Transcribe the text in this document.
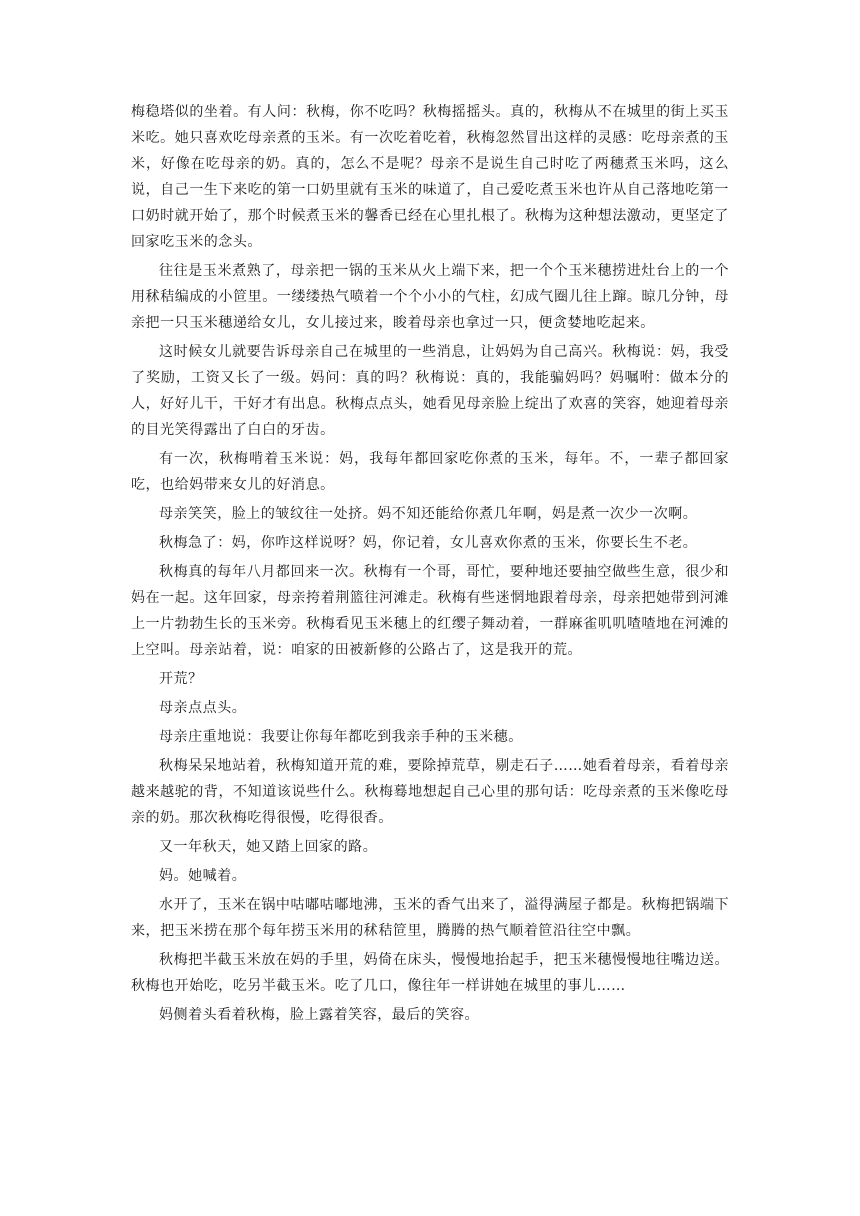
梅稳塔似的坐着。有人问：秋梅，你不吃吗？秋梅摇摇头。真的，秋梅从不在城里的街上买玉米吃。她只喜欢吃母亲煮的玉米。有一次吃着吃着，秋梅忽然冒出这样的灵感：吃母亲煮的玉米，好像在吃母亲的奶。真的，怎么不是呢？母亲不是说生自己时吃了两穗煮玉米吗，这么说，自己一生下来吃的第一口奶里就有玉米的味道了，自己爱吃煮玉米也许从自己落地吃第一口奶时就开始了，那个时候煮玉米的馨香已经在心里扎根了。秋梅为这种想法激动，更坚定了回家吃玉米的念头。

往往是玉米煮熟了，母亲把一锅的玉米从火上端下来，把一个个玉米穗捞进灶台上的一个用秫秸编成的小笸里。一缕缕热气喷着一个个小小的气柱，幻成气圈儿往上蹿。晾几分钟，母亲把一只玉米穗递给女儿，女儿接过来，睃着母亲也拿过一只，便贪婪地吃起来。

这时候女儿就要告诉母亲自己在城里的一些消息，让妈妈为自己高兴。秋梅说：妈，我受了奖励，工资又长了一级。妈问：真的吗？秋梅说：真的，我能骗妈吗？妈嘱咐：做本分的人，好好儿干，干好才有出息。秋梅点点头，她看见母亲脸上绽出了欢喜的笑容，她迎着母亲的目光笑得露出了白白的牙齿。

有一次，秋梅啃着玉米说：妈，我每年都回家吃你煮的玉米，每年。不，一辈子都回家吃，也给妈带来女儿的好消息。

母亲笑笑，脸上的皱纹往一处挤。妈不知还能给你煮几年啊，妈是煮一次少一次啊。

秋梅急了：妈，你咋这样说呀？妈，你记着，女儿喜欢你煮的玉米，你要长生不老。

秋梅真的每年八月都回来一次。秋梅有一个哥，哥忙，要种地还要抽空做些生意，很少和妈在一起。这年回家，母亲挎着荆篮往河滩走。秋梅有些迷惘地跟着母亲，母亲把她带到河滩上一片勃勃生长的玉米旁。秋梅看见玉米穗上的红缨子舞动着，一群麻雀叽叽喳喳地在河滩的上空叫。母亲站着，说：咱家的田被新修的公路占了，这是我开的荒。

开荒？

母亲点点头。

母亲庄重地说：我要让你每年都吃到我亲手种的玉米穗。

秋梅呆呆地站着，秋梅知道开荒的难，要除掉荒草，剔走石子……她看着母亲，看着母亲越来越驼的背，不知道该说些什么。秋梅蓦地想起自己心里的那句话：吃母亲煮的玉米像吃母亲的奶。那次秋梅吃得很慢，吃得很香。

又一年秋天，她又踏上回家的路。

妈。她喊着。

水开了，玉米在锅中咕嘟咕嘟地沸，玉米的香气出来了，溢得满屋子都是。秋梅把锅端下来，把玉米捞在那个每年捞玉米用的秫秸笸里，腾腾的热气顺着笸沿往空中飘。

秋梅把半截玉米放在妈的手里，妈倚在床头，慢慢地抬起手，把玉米穗慢慢地往嘴边送。秋梅也开始吃，吃另半截玉米。吃了几口，像往年一样讲她在城里的事儿……

妈侧着头看着秋梅，脸上露着笑容，最后的笑容。
